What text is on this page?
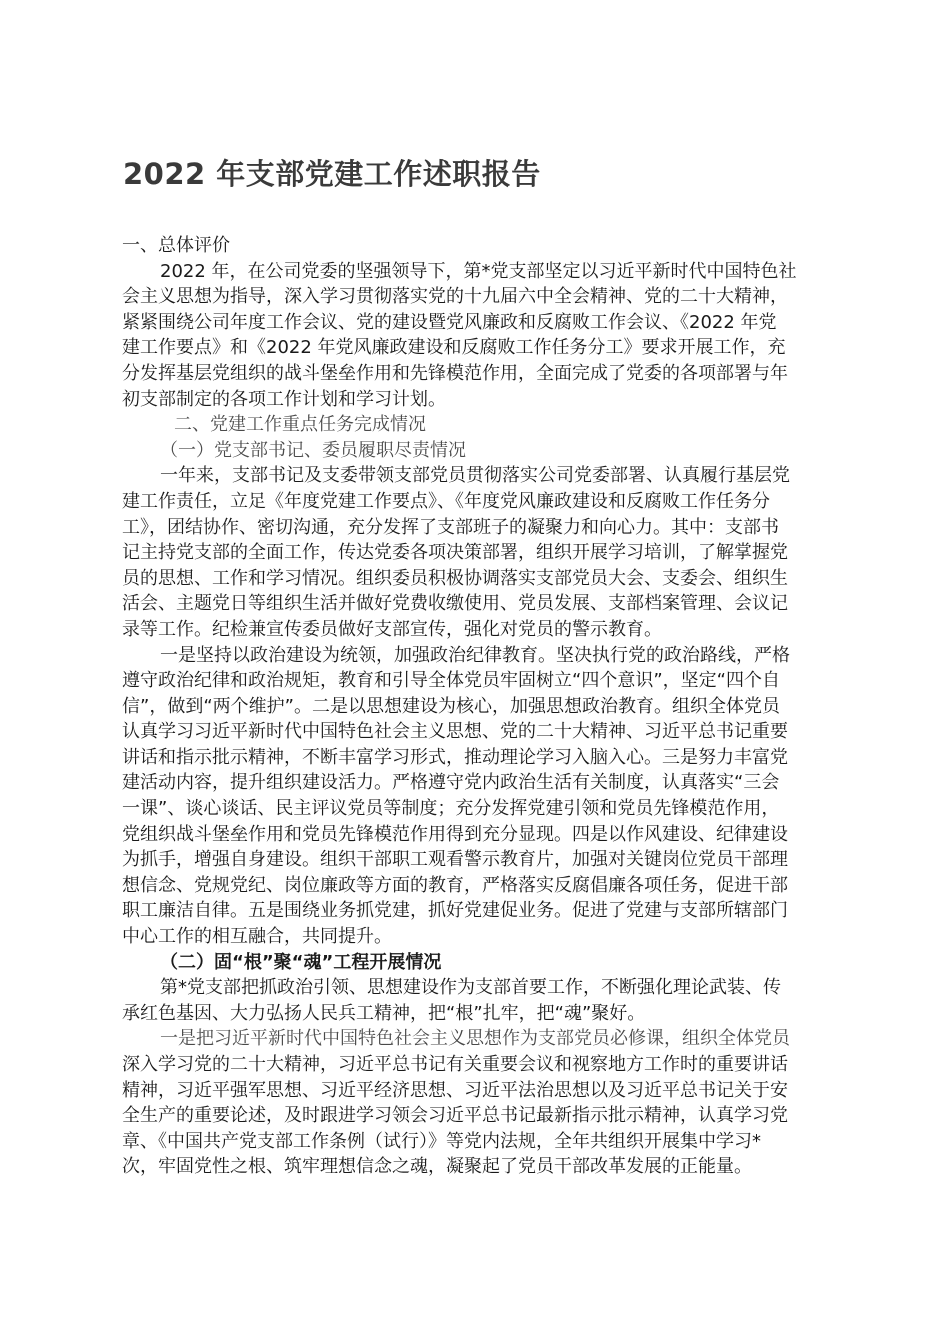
2022 年支部党建工作述职报告
一、总体评价
2022 年，在公司党委的坚强领导下，第*党支部坚定以习近平新时代中国特色社
会主义思想为指导，深入学习贯彻落实党的十九届六中全会精神、党的二十大精神，
紧紧围绕公司年度工作会议、党的建设暨党风廉政和反腐败工作会议、《2022 年党
建工作要点》和《2022 年党风廉政建设和反腐败工作任务分工》要求开展工作，充
分发挥基层党组织的战斗堡垒作用和先锋模范作用，全面完成了党委的各项部署与年
初支部制定的各项工作计划和学习计划。
二、党建工作重点任务完成情况
（一）党支部书记、委员履职尽责情况
一年来，支部书记及支委带领支部党员贯彻落实公司党委部署、认真履行基层党
建工作责任，立足《年度党建工作要点》、《年度党风廉政建设和反腐败工作任务分
工》，团结协作、密切沟通，充分发挥了支部班子的凝聚力和向心力。其中：支部书
记主持党支部的全面工作，传达党委各项决策部署，组织开展学习培训，了解掌握党
员的思想、工作和学习情况。组织委员积极协调落实支部党员大会、支委会、组织生
活会、主题党日等组织生活并做好党费收缴使用、党员发展、支部档案管理、会议记
录等工作。纪检兼宣传委员做好支部宣传，强化对党员的警示教育。
一是坚持以政治建设为统领，加强政治纪律教育。坚决执行党的政治路线，严格
遵守政治纪律和政治规矩，教育和引导全体党员牢固树立“四个意识”，坚定“四个自
信”，做到“两个维护”。二是以思想建设为核心，加强思想政治教育。组织全体党员
认真学习习近平新时代中国特色社会主义思想、党的二十大精神、习近平总书记重要
讲话和指示批示精神，不断丰富学习形式，推动理论学习入脑入心。三是努力丰富党
建活动内容，提升组织建设活力。严格遵守党内政治生活有关制度，认真落实“三会
一课”、谈心谈话、民主评议党员等制度；充分发挥党建引领和党员先锋模范作用，
党组织战斗堡垒作用和党员先锋模范作用得到充分显现。四是以作风建设、纪律建设
为抓手，增强自身建设。组织干部职工观看警示教育片，加强对关键岗位党员干部理
想信念、党规党纪、岗位廉政等方面的教育，严格落实反腐倡廉各项任务，促进干部
职工廉洁自律。五是围绕业务抓党建，抓好党建促业务。促进了党建与支部所辖部门
中心工作的相互融合，共同提升。
（二）固“根”聚“魂”工程开展情况
第*党支部把抓政治引领、思想建设作为支部首要工作，不断强化理论武装、传
承红色基因、大力弘扬人民兵工精神，把“根”扎牢，把“魂”聚好。
一是把习近平新时代中国特色社会主义思想作为支部党员必修课，组织全体党员
深入学习党的二十大精神，习近平总书记有关重要会议和视察地方工作时的重要讲话
精神，习近平强军思想、习近平经济思想、习近平法治思想以及习近平总书记关于安
全生产的重要论述，及时跟进学习领会习近平总书记最新指示批示精神，认真学习党
章、《中国共产党支部工作条例（试行）》等党内法规，全年共组织开展集中学习*
次，牢固党性之根、筑牢理想信念之魂，凝聚起了党员干部改革发展的正能量。
